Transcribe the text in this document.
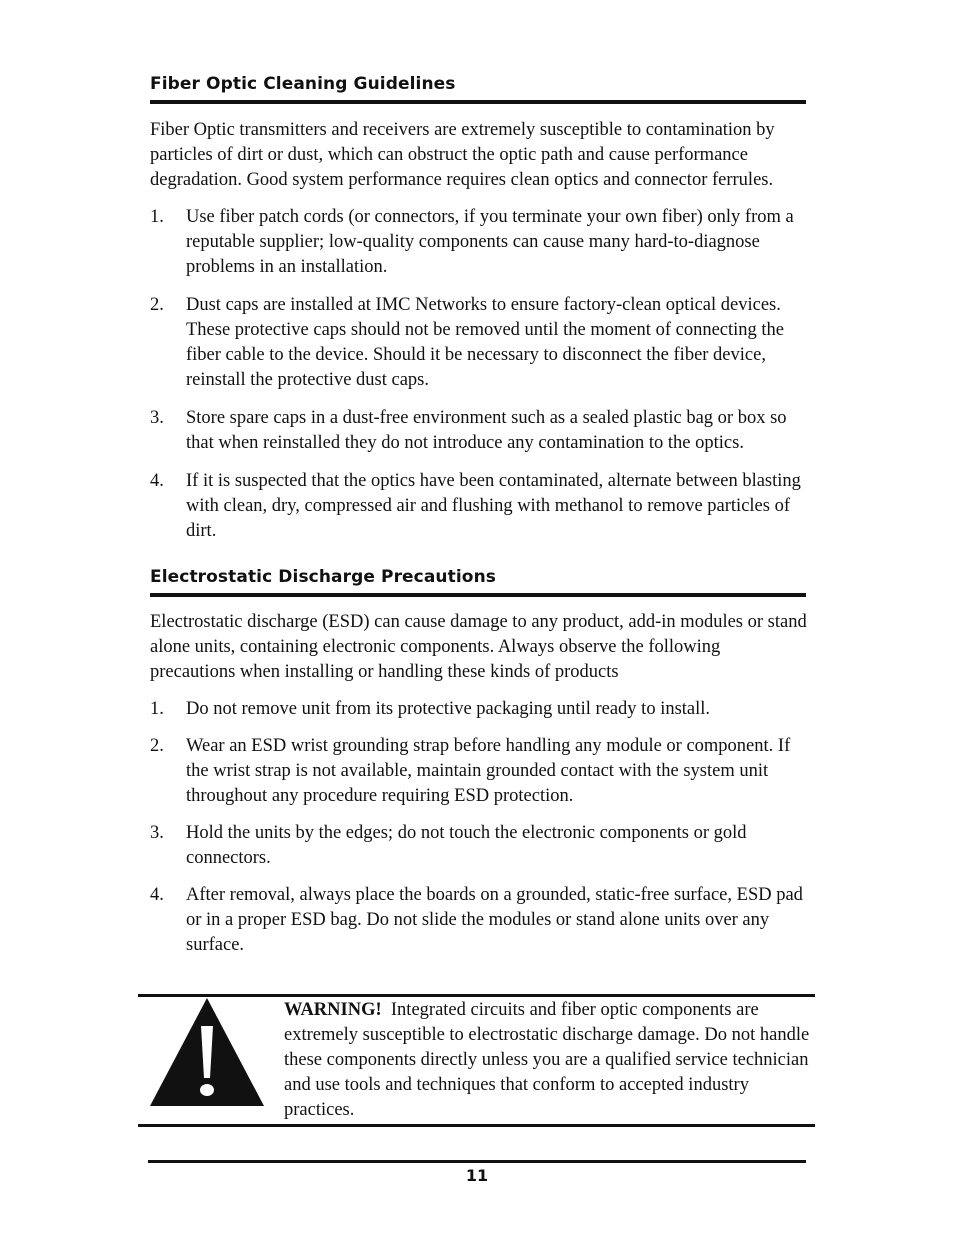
Fiber Optic Cleaning Guidelines
Fiber Optic transmitters and receivers are extremely susceptible to contamination by particles of dirt or dust, which can obstruct the optic path and cause performance degradation. Good system performance requires clean optics and connector ferrules.
1.	Use fiber patch cords (or connectors, if you terminate your own fiber) only from a reputable supplier; low-quality components can cause many hard-to-diagnose problems in an installation.
2.	Dust caps are installed at IMC Networks to ensure factory-clean optical devices. These protective caps should not be removed until the moment of connecting the fiber cable to the device. Should it be necessary to disconnect the fiber device, reinstall the protective dust caps.
3.	Store spare caps in a dust-free environment such as a sealed plastic bag or box so that when reinstalled they do not introduce any contamination to the optics.
4.	If it is suspected that the optics have been contaminated, alternate between blasting with clean, dry, compressed air and flushing with methanol to remove particles of dirt.
Electrostatic Discharge Precautions
Electrostatic discharge (ESD) can cause damage to any product, add-in modules or stand alone units, containing electronic components. Always observe the following precautions when installing or handling these kinds of products
1.	Do not remove unit from its protective packaging until ready to install.
2.	Wear an ESD wrist grounding strap before handling any module or component. If the wrist strap is not available, maintain grounded contact with the system unit throughout any procedure requiring ESD protection.
3.	Hold the units by the edges; do not touch the electronic components or gold connectors.
4.	After removal, always place the boards on a grounded, static-free surface, ESD pad or in a proper ESD bag. Do not slide the modules or stand alone units over any surface.
WARNING! Integrated circuits and fiber optic components are extremely susceptible to electrostatic discharge damage. Do not handle these components directly unless you are a qualified service technician and use tools and techniques that conform to accepted industry practices.
11
